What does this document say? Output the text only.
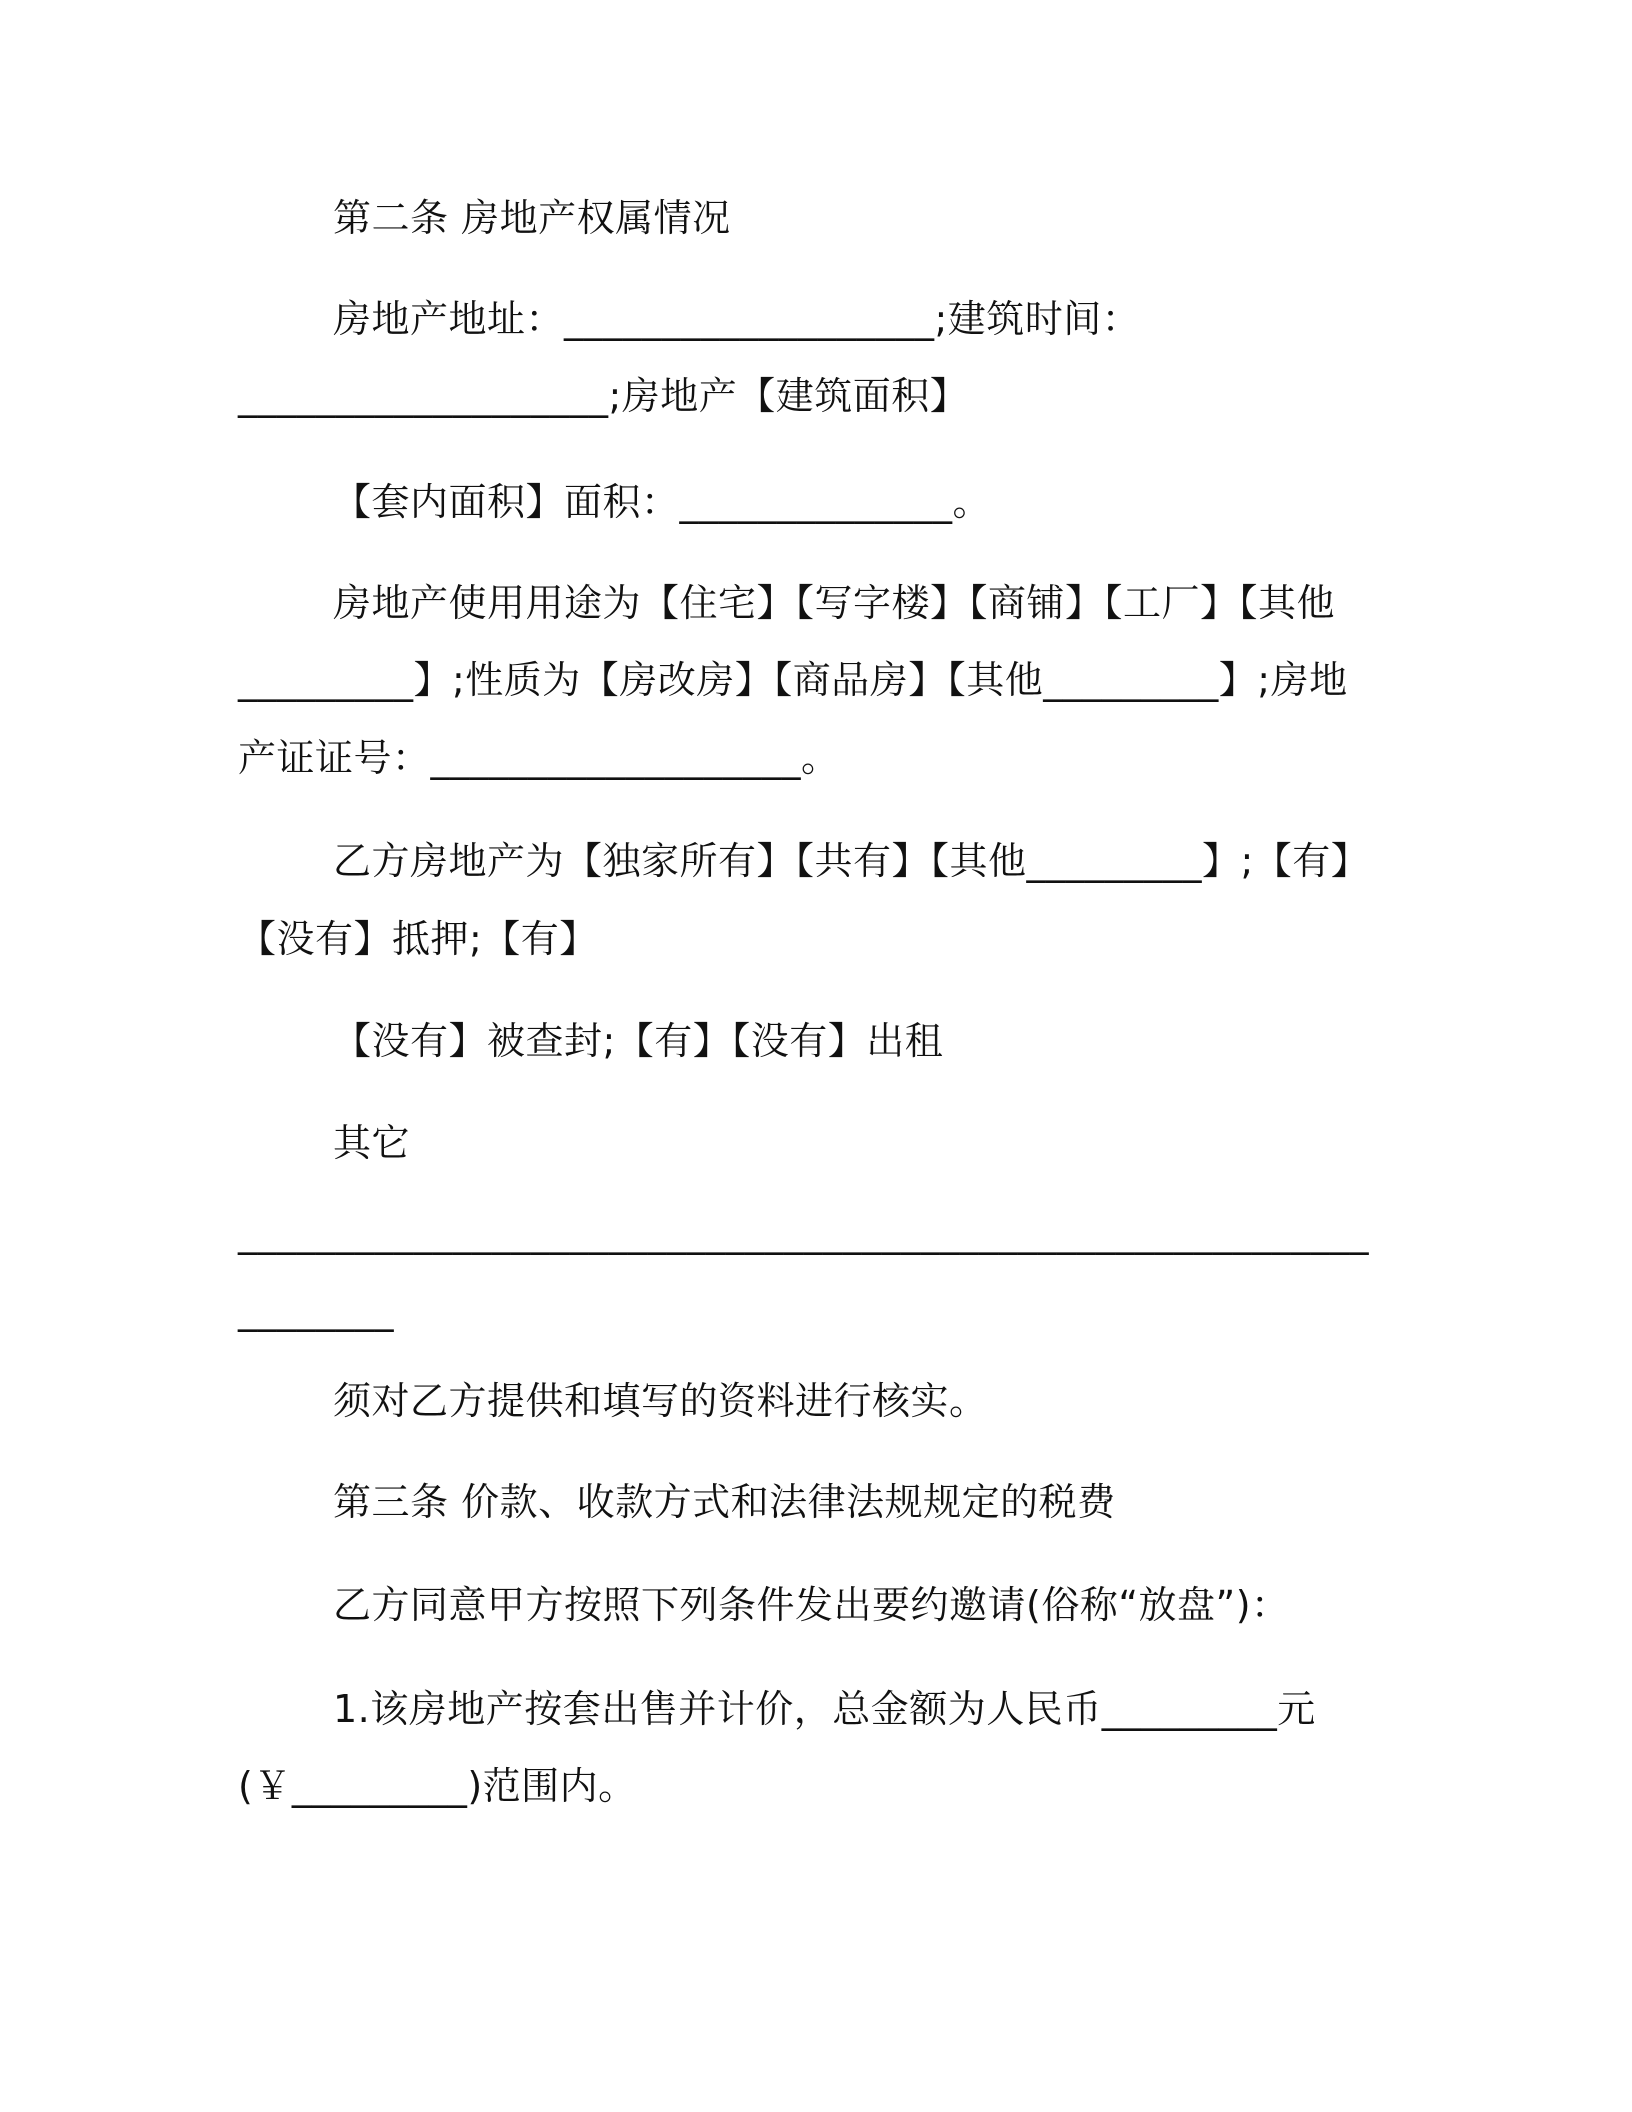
第二条 房地产权属情况

房地产地址：___________________;建筑时间：

___________________;房地产【建筑面积】

【套内面积】面积：______________。

房地产使用用途为【住宅】【写字楼】【商铺】【工厂】【其他

_________】;性质为【房改房】【商品房】【其他_________】;房地

产证证号：___________________。

乙方房地产为【独家所有】【共有】【其他_________】;【有】

【没有】抵押;【有】

【没有】被查封;【有】【没有】出租

其它

__________________________________________________________

________

须对乙方提供和填写的资料进行核实。

第三条 价款、收款方式和法律法规规定的税费

乙方同意甲方按照下列条件发出要约邀请(俗称“放盘”)：

1.该房地产按套出售并计价，总金额为人民币_________元

(￥_________)范围内。
